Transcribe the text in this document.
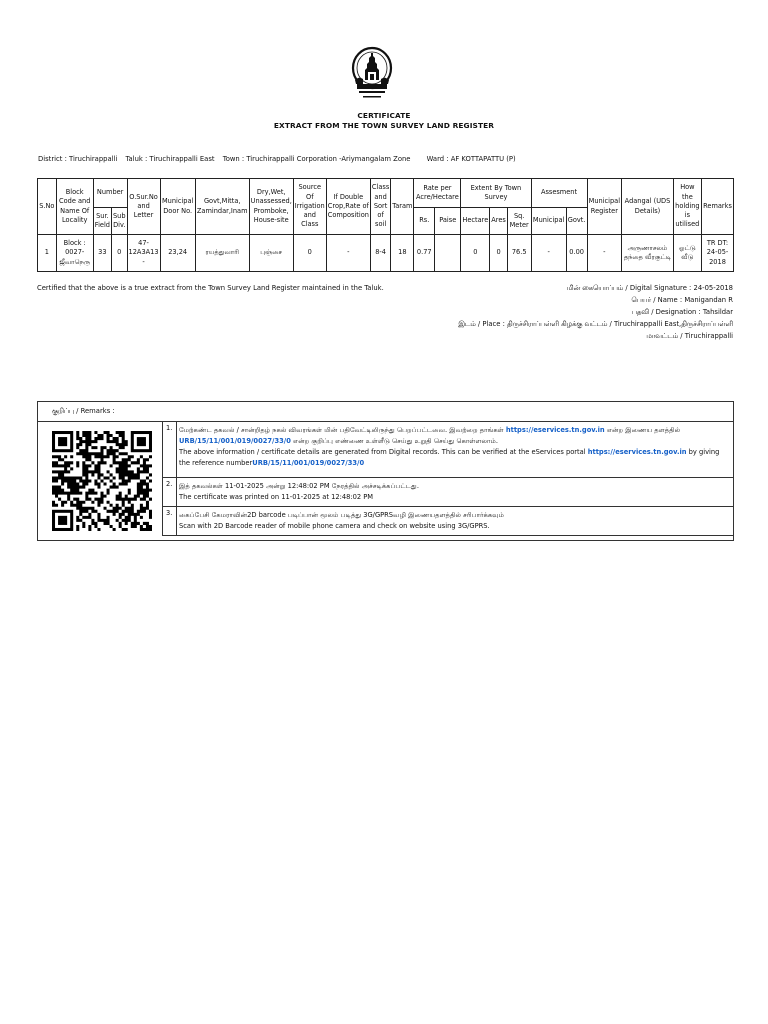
CERTIFICATE
EXTRACT FROM THE TOWN SURVEY LAND REGISTER
District : Tiruchirappalli Taluk : Tiruchirappalli East Town : Tiruchirappalli Corporation -Ariymangalam Zone Ward : AF KOTTAPATTU (P)
S.No	Block Code and Name Of Locality	Number		O.Sur.No and Letter	Municipal Door No.	Govt,Mitta, Zamindar,Inam	Dry,Wet, Unassessed, Promboke, House-site	Source Of Irrigation and Class	If Double Crop,Rate of Composition	Class and Sort of soil	Taram	Rate per Acre/Hectare		Extent By Town Survey			Assesment		Municipal Register	Adangal (UDS Details)	How the holding is utilised	Remarks
		Sur. Field	Sub Div.									Rs.	Paise	Hectare	Ares	Sq. Meter	Municipal	Govt.				
1	Block : 0027-ஜீவாநெரு	33	0	47-12A3A13 -	23,24	ரயத்துவாரி	புஞ்சை	0	-	8-4	18	0.77		0	0	76.5	-	0.00	-	அருணாசலம் தந்தை வீரகுட்டி	ஓட்டு வீடு	TR DT: 24-05-2018
Certified that the above is a true extract from the Town Survey Land Register maintained in the Taluk.	மின் கையொப்பம் / Digital Signature : 24-05-2018
பெயர் / Name : Manigandan R
பதவி / Designation : Tahsildar
இடம் / Place : திருச்சிராப்பள்ளி கிழக்கு வட்டம் / Tiruchirappalli East,திருச்சிராப்பள்ளி
மாவட்டம் / Tiruchirappalli
குறிப்பு / Remarks :
1.	மேற்கண்ட தகவல் / சான்றிதழ் நகல் விவரங்கள் மின் பதிவேட்டிலிருந்து பெறப்பட்டவை. இவற்றை தாங்கள் https://eservices.tn.gov.in என்ற இணைய தளத்தில் URB/15/11/001/019/0027/33/0 என்ற குறிப்பு எண்ணை உள்ளீடு செய்து உறுதி செய்து கொள்ளலாம்.
The above information / certificate details are generated from Digital records. This can be verified at the eServices portal https://eservices.tn.gov.in by giving the reference numberURB/15/11/001/019/0027/33/0
2.	இத் தகவல்கள் 11-01-2025 அன்று 12:48:02 PM நேரத்தில் அச்சடிக்கப்பட்டது.
The certificate was printed on 11-01-2025 at 12:48:02 PM
3.	கைப்பேசி கேமராவின்2D barcode படிப்பான் மூலம் படித்து 3G/GPRSவழி இணையதளத்தில் சரிபார்க்கவும்
Scan with 2D Barcode reader of mobile phone camera and check on website using 3G/GPRS.
